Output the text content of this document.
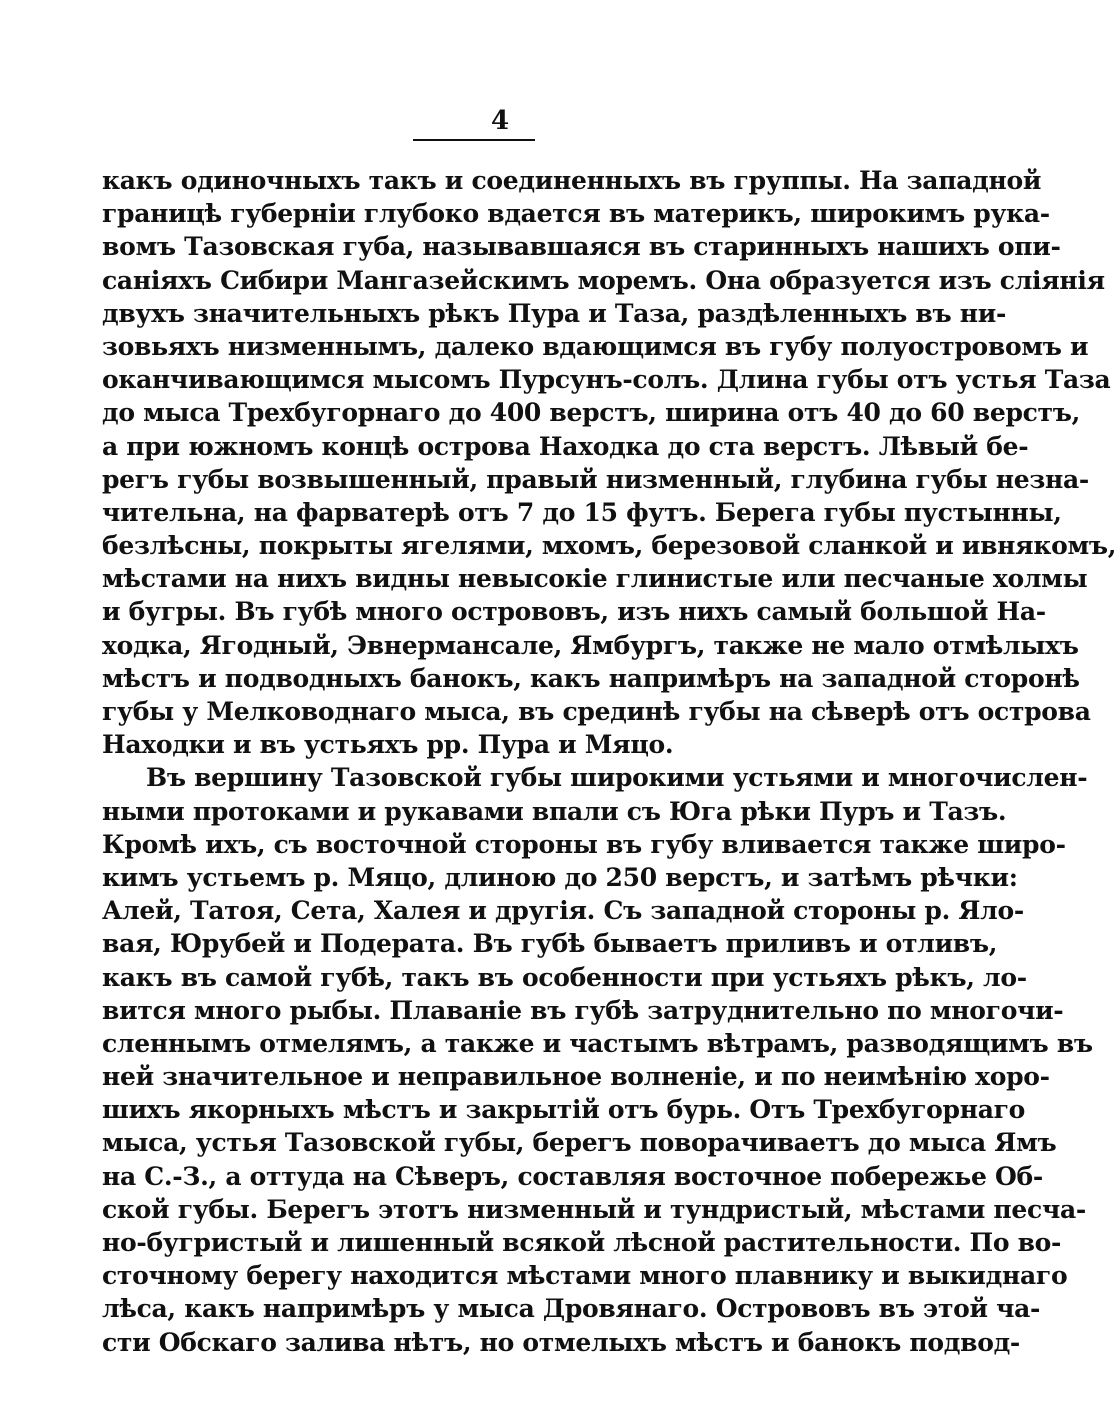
4
какъ одиночныхъ такъ и соединенныхъ въ группы. На западной
границѣ губерніи глубоко вдается въ материкъ, широкимъ рука-
вомъ Тазовская губа, называвшаяся въ старинныхъ нашихъ опи-
саніяхъ Сибири Мангазейскимъ моремъ. Она образуется изъ слiянiя
двухъ значительныхъ рѣкъ Пура и Таза, раздѣленныхъ въ ни-
зовьяхъ низменнымъ, далеко вдающимся въ губу полуостровомъ и
оканчивающимся мысомъ Пурсунъ-солъ. Длина губы отъ устья Таза
до мыса Трехбугорнаго до 400 верстъ, ширина отъ 40 до 60 верстъ,
а при южномъ концѣ острова Находка до ста верстъ. Лѣвый бе-
регъ губы возвышенный, правый низменный, глубина губы незна-
чительна, на фарватерѣ отъ 7 до 15 футъ. Берега губы пустынны,
безлѣсны, покрыты ягелями, мхомъ, березовой сланкой и ивнякомъ,
мѣстами на нихъ видны невысокiе глинистые или песчаные холмы
и бугры. Въ губѣ много острововъ, изъ нихъ самый большой На-
ходка, Ягодный, Эвнермансале, Ямбургъ, также не мало отмѣлыхъ
мѣстъ и подводныхъ банокъ, какъ напримѣръ на западной сторонѣ
губы у Мелководнаго мыса, въ срединѣ губы на сѣверѣ отъ острова
Находки и въ устьяхъ рр. Пура и Мяцо.
Въ вершину Тазовской губы широкими устьями и многочислен-
ными протоками и рукавами впали съ Юга рѣки Пуръ и Тазъ.
Кромѣ ихъ, съ восточной стороны въ губу вливается также широ-
кимъ устьемъ р. Мяцо, длиною до 250 верстъ, и затѣмъ рѣчки:
Алей, Татоя, Сета, Халея и другiя. Съ западной стороны р. Яло-
вая, Юрубей и Подерата. Въ губѣ бываетъ приливъ и отливъ,
какъ въ самой губѣ, такъ въ особенности при устьяхъ рѣкъ, ло-
вится много рыбы. Плаванiе въ губѣ затруднительно по многочи-
сленнымъ отмелямъ, а также и частымъ вѣтрамъ, разводящимъ въ
ней значительное и неправильное волненiе, и по неимѣнiю хоро-
шихъ якорныхъ мѣстъ и закрытiй отъ бурь. Отъ Трехбугорнаго
мыса, устья Тазовской губы, берегъ поворачиваетъ до мыса Ямъ
на С.-З., а оттуда на Сѣверъ, составляя восточное побережье Об-
ской губы. Берегъ этотъ низменный и тундристый, мѣстами песча-
но-бугристый и лишенный всякой лѣсной растительности. По во-
сточному берегу находится мѣстами много плавнику и выкиднаго
лѣса, какъ напримѣръ у мыса Дровянаго. Острововъ въ этой ча-
сти Обскаго залива нѣтъ, но отмелыхъ мѣстъ и банокъ подвод-
